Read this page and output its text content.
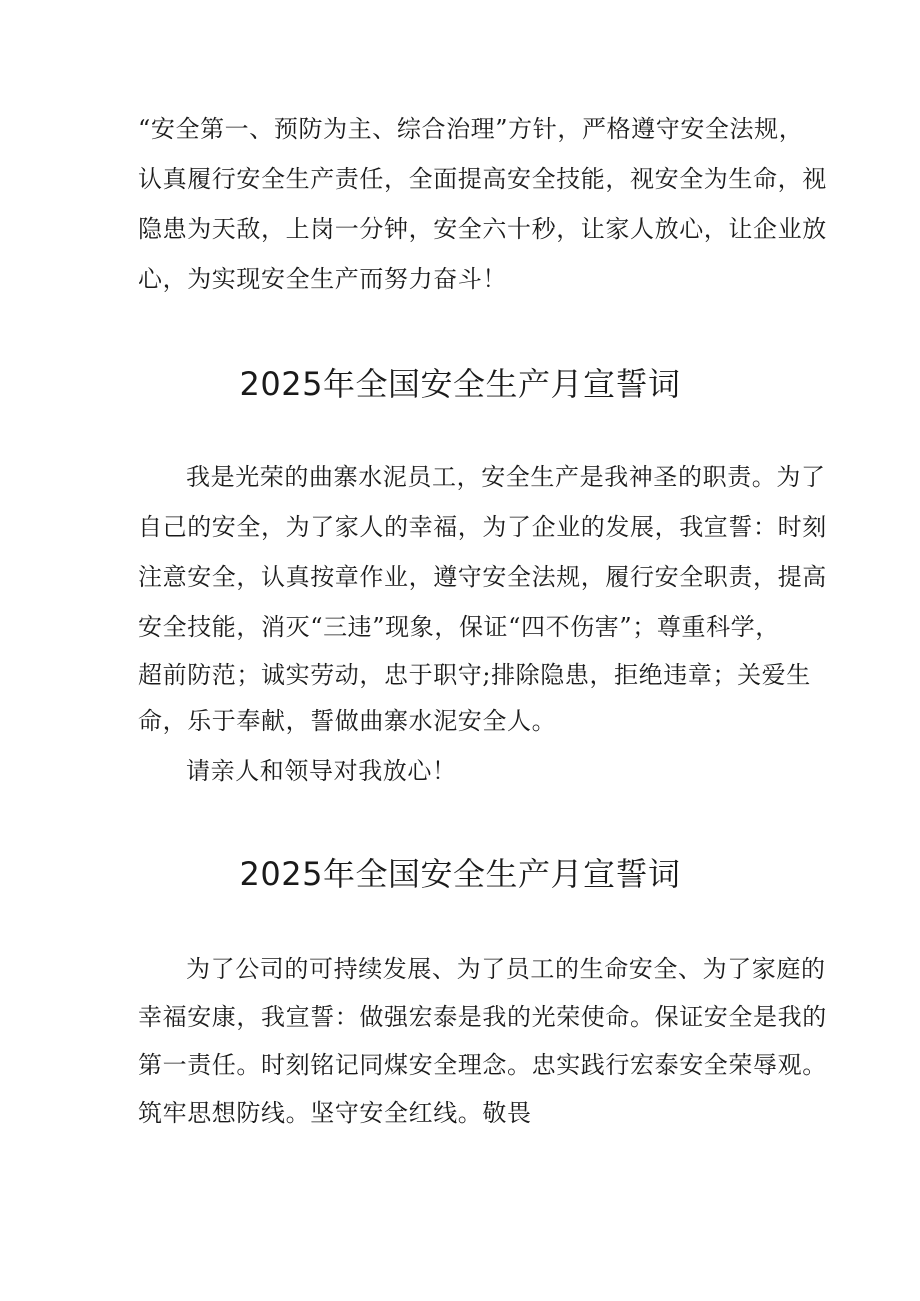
“安全第一、预防为主、综合治理”方针，严格遵守安全法规，

认真履行安全生产责任，全面提高安全技能，视安全为生命，视

隐患为天敌，上岗一分钟，安全六十秒，让家人放心，让企业放

心，为实现安全生产而努力奋斗！

2025年全国安全生产月宣誓词

我是光荣的曲寨水泥员工，安全生产是我神圣的职责。为了

自己的安全，为了家人的幸福，为了企业的发展，我宣誓：时刻

注意安全，认真按章作业，遵守安全法规，履行安全职责，提高

安全技能，消灭“三违”现象，保证“四不伤害”；尊重科学，

超前防范；诚实劳动，忠于职守;排除隐患，拒绝违章；关爱生

命，乐于奉献，誓做曲寨水泥安全人。

请亲人和领导对我放心！

2025年全国安全生产月宣誓词

为了公司的可持续发展、为了员工的生命安全、为了家庭的

幸福安康，我宣誓：做强宏泰是我的光荣使命。保证安全是我的

第一责任。时刻铭记同煤安全理念。忠实践行宏泰安全荣辱观。

筑牢思想防线。坚守安全红线。敬畏
